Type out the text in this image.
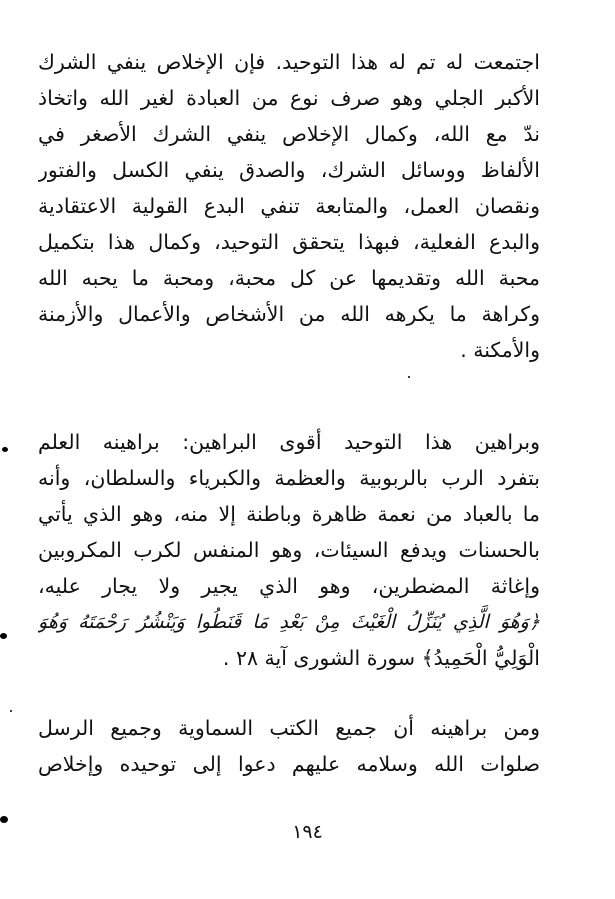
اجتمعت له تم له هذا التوحيد. فإن الإخلاص ينفي الشرك
الأكبر الجلي وهو صرف نوع من العبادة لغير الله واتخاذ
ندّ مع الله، وكمال الإخلاص ينفي الشرك الأصغر في
الألفاظ ووسائل الشرك، والصدق ينفي الكسل والفتور
ونقصان العمل، والمتابعة تنفي البدع القولية الاعتقادية
والبدع الفعلية، فبهذا يتحقق التوحيد، وكمال هذا بتكميل
محبة الله وتقديمها عن كل محبة، ومحبة ما يحبه الله
وكراهة ما يكرهه الله من الأشخاص والأعمال والأزمنة
والأمكنة .
وبراهين هذا التوحيد أقوى البراهين: براهينه العلم
بتفرد الرب بالربوبية والعظمة والكبرياء والسلطان، وأنه
ما بالعباد من نعمة ظاهرة وباطنة إلا منه، وهو الذي يأتي
بالحسنات ويدفع السيئات، وهو المنفس لكرب المكروبين
وإغاثة المضطرين، وهو الذي يجير ولا يجار عليه،
﴿وَهُوَ الَّذِي يُنَزِّلُ الْغَيْثَ مِنْ بَعْدِ مَا قَنَطُوا وَيَنْشُرُ رَحْمَتَهُ وَهُوَ
الْوَلِيُّ الْحَمِيدُ﴾ سورة الشورى آية ٢٨ .
ومن براهينه أن جميع الكتب السماوية وجميع الرسل
صلوات الله وسلامه عليهم دعوا إلى توحيده وإخلاص
١٩٤
